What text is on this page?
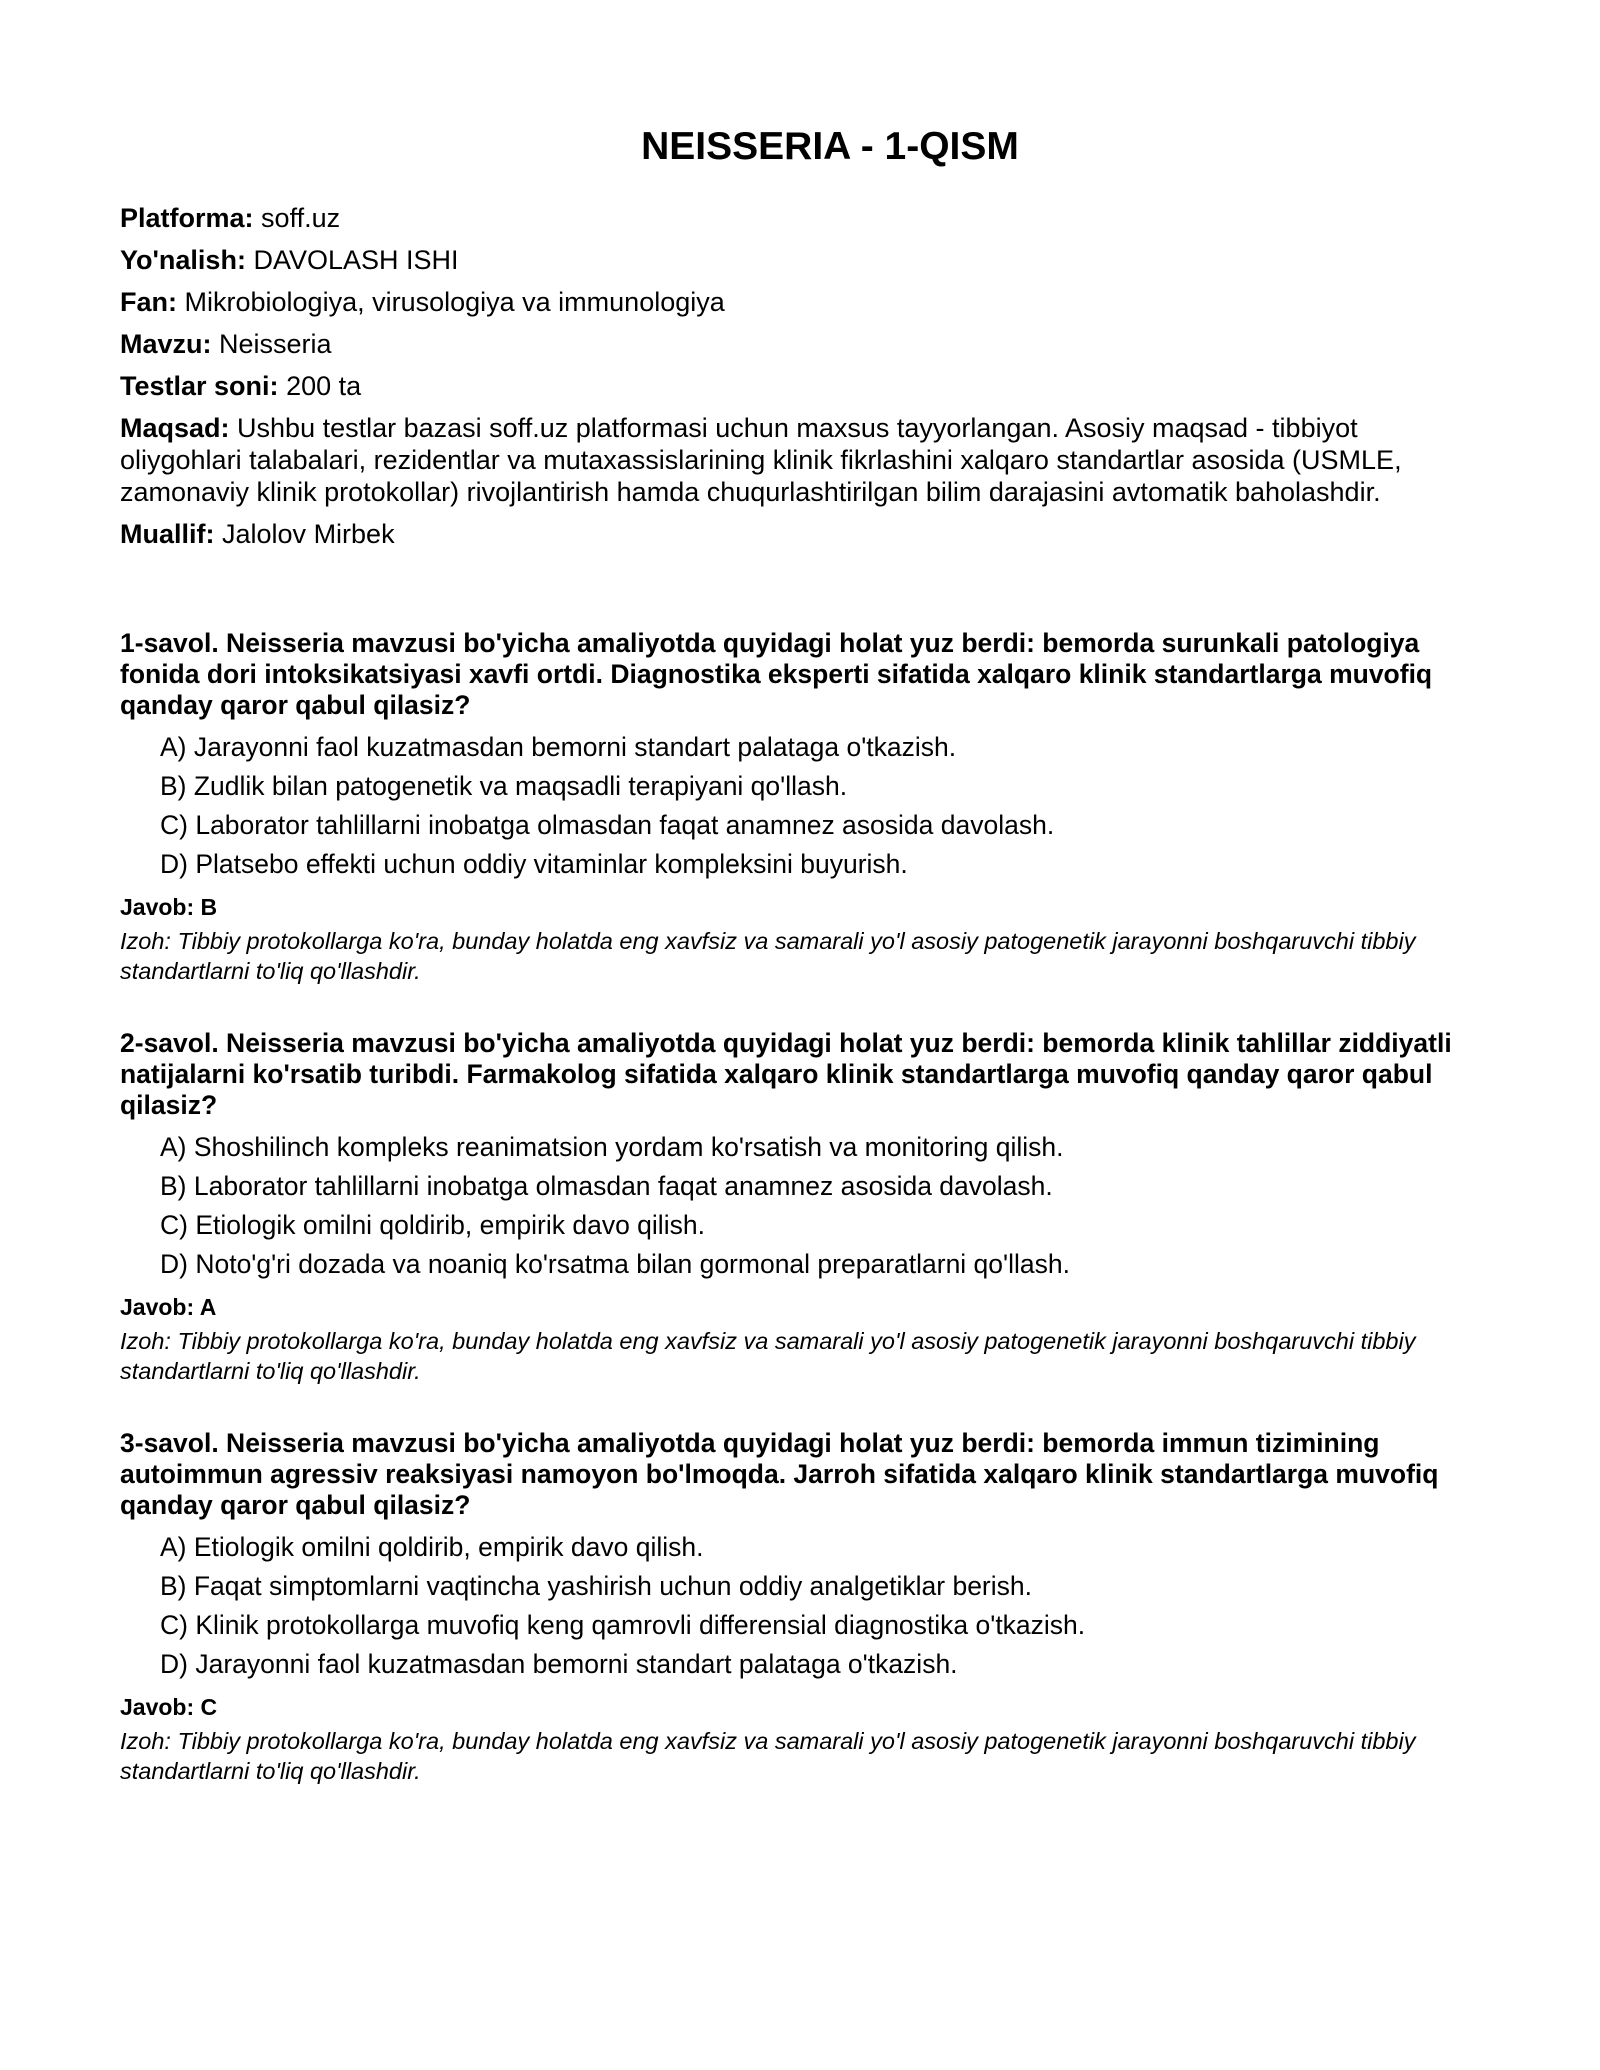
NEISSERIA - 1-QISM
Platforma: soff.uz
Yo'nalish: DAVOLASH ISHI
Fan: Mikrobiologiya, virusologiya va immunologiya
Mavzu: Neisseria
Testlar soni: 200 ta
Maqsad: Ushbu testlar bazasi soff.uz platformasi uchun maxsus tayyorlangan. Asosiy maqsad - tibbiyot oliygohlari talabalari, rezidentlar va mutaxassislarining klinik fikrlashini xalqaro standartlar asosida (USMLE, zamonaviy klinik protokollar) rivojlantirish hamda chuqurlashtirilgan bilim darajasini avtomatik baholashdir.
Muallif: Jalolov Mirbek
1-savol. Neisseria mavzusi bo'yicha amaliyotda quyidagi holat yuz berdi: bemorda surunkali patologiya fonida dori intoksikatsiyasi xavfi ortdi. Diagnostika eksperti sifatida xalqaro klinik standartlarga muvofiq qanday qaror qabul qilasiz?
A) Jarayonni faol kuzatmasdan bemorni standart palataga o'tkazish.
B) Zudlik bilan patogenetik va maqsadli terapiyani qo'llash.
C) Laborator tahlillarni inobatga olmasdan faqat anamnez asosida davolash.
D) Platsebo effekti uchun oddiy vitaminlar kompleksini buyurish.
Javob: B
Izoh: Tibbiy protokollarga ko'ra, bunday holatda eng xavfsiz va samarali yo'l asosiy patogenetik jarayonni boshqaruvchi tibbiy standartlarni to'liq qo'llashdir.
2-savol. Neisseria mavzusi bo'yicha amaliyotda quyidagi holat yuz berdi: bemorda klinik tahlillar ziddiyatli natijalarni ko'rsatib turibdi. Farmakolog sifatida xalqaro klinik standartlarga muvofiq qanday qaror qabul qilasiz?
A) Shoshilinch kompleks reanimatsion yordam ko'rsatish va monitoring qilish.
B) Laborator tahlillarni inobatga olmasdan faqat anamnez asosida davolash.
C) Etiologik omilni qoldirib, empirik davo qilish.
D) Noto'g'ri dozada va noaniq ko'rsatma bilan gormonal preparatlarni qo'llash.
Javob: A
Izoh: Tibbiy protokollarga ko'ra, bunday holatda eng xavfsiz va samarali yo'l asosiy patogenetik jarayonni boshqaruvchi tibbiy standartlarni to'liq qo'llashdir.
3-savol. Neisseria mavzusi bo'yicha amaliyotda quyidagi holat yuz berdi: bemorda immun tizimining autoimmun agressiv reaksiyasi namoyon bo'lmoqda. Jarroh sifatida xalqaro klinik standartlarga muvofiq qanday qaror qabul qilasiz?
A) Etiologik omilni qoldirib, empirik davo qilish.
B) Faqat simptomlarni vaqtincha yashirish uchun oddiy analgetiklar berish.
C) Klinik protokollarga muvofiq keng qamrovli differensial diagnostika o'tkazish.
D) Jarayonni faol kuzatmasdan bemorni standart palataga o'tkazish.
Javob: C
Izoh: Tibbiy protokollarga ko'ra, bunday holatda eng xavfsiz va samarali yo'l asosiy patogenetik jarayonni boshqaruvchi tibbiy standartlarni to'liq qo'llashdir.
